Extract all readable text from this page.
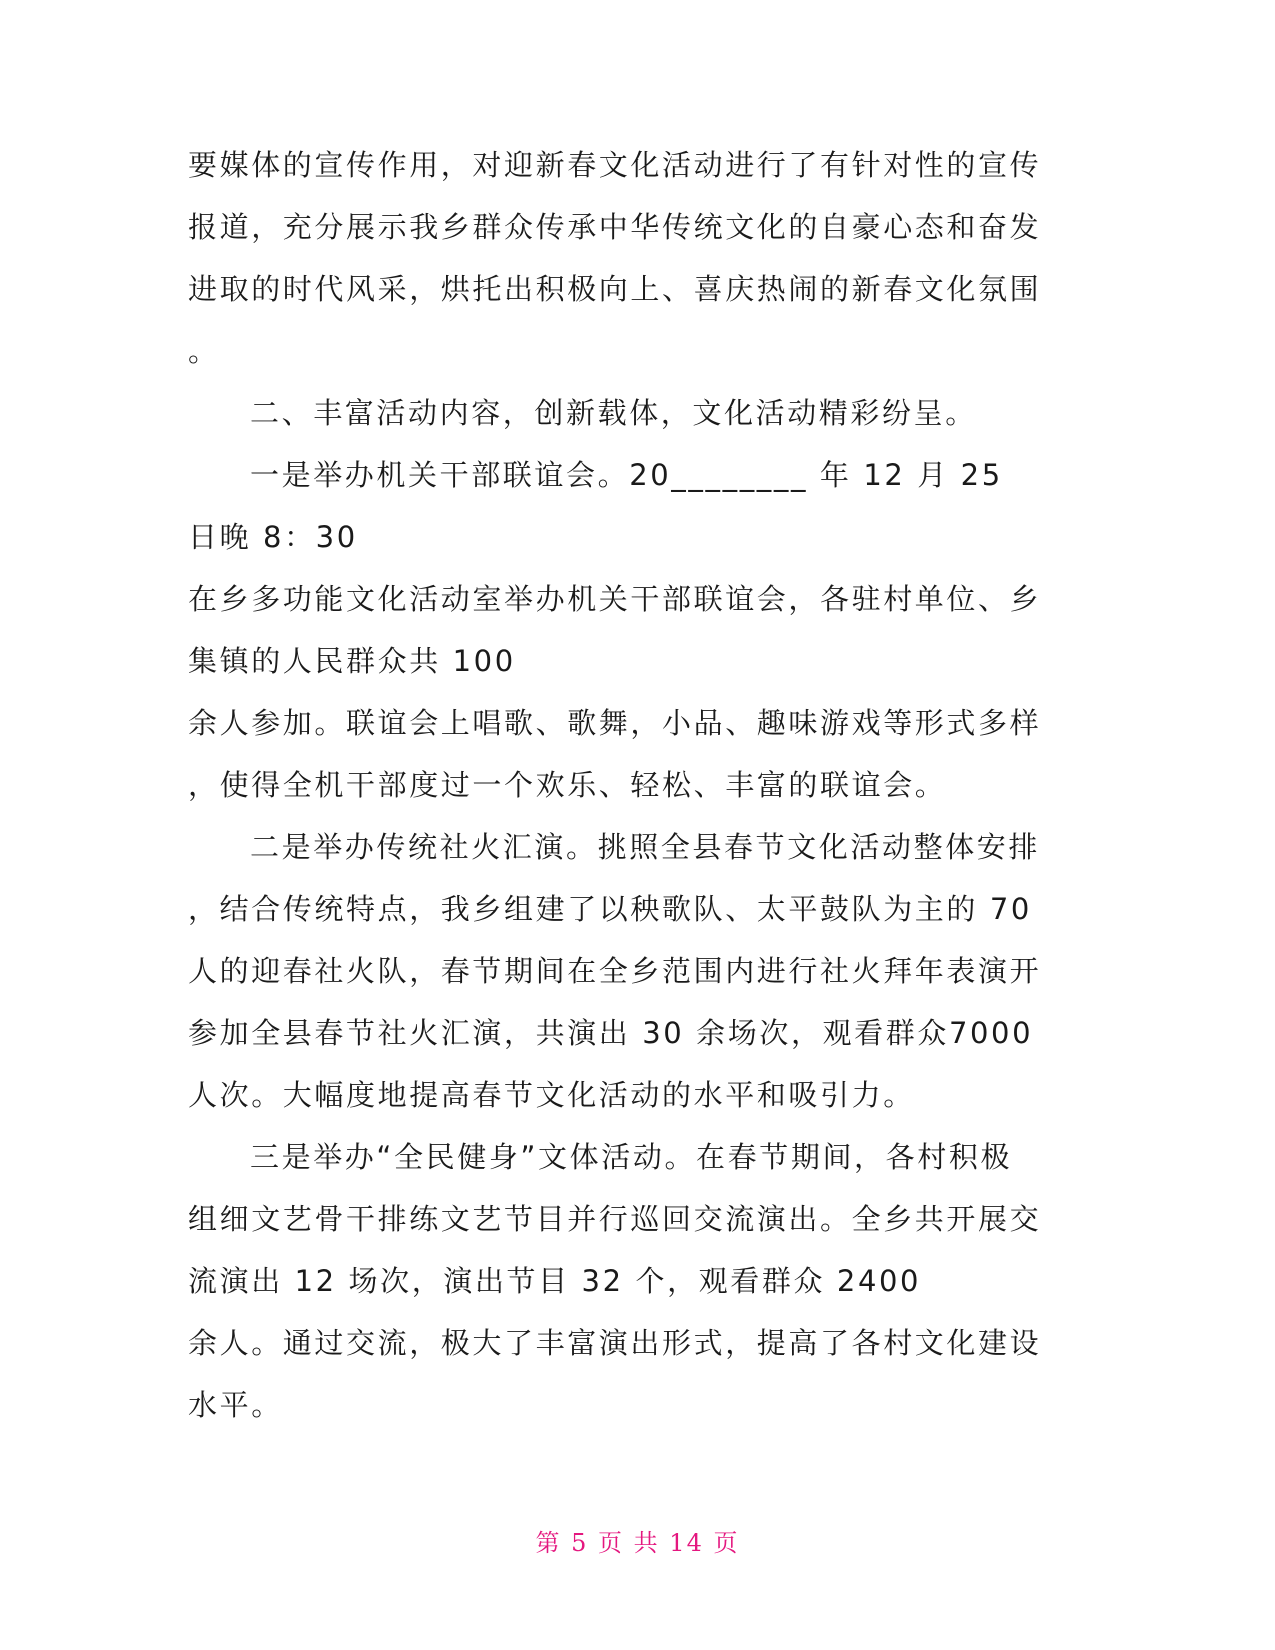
要媒体的宣传作用，对迎新春文化活动进行了有针对性的宣传
报道，充分展示我乡群众传承中华传统文化的自豪心态和奋发
进取的时代风采，烘托出积极向上、喜庆热闹的新春文化氛围
。
二、丰富活动内容，创新载体，文化活动精彩纷呈。
一是举办机关干部联谊会。20________ 年 12 月 25
日晚 8：30
在乡多功能文化活动室举办机关干部联谊会，各驻村单位、乡
集镇的人民群众共 100
余人参加。联谊会上唱歌、歌舞，小品、趣味游戏等形式多样
，使得全机干部度过一个欢乐、轻松、丰富的联谊会。
二是举办传统社火汇演。挑照全县春节文化活动整体安排
，结合传统特点，我乡组建了以秧歌队、太平鼓队为主的 70
人的迎春社火队，春节期间在全乡范围内进行社火拜年表演开
参加全县春节社火汇演，共演出 30 余场次，观看群众7000
人次。大幅度地提高春节文化活动的水平和吸引力。
三是举办“全民健身”文体活动。在春节期间，各村积极
组细文艺骨干排练文艺节目并行巡回交流演出。全乡共开展交
流演出 12 场次，演出节目 32 个，观看群众 2400
余人。通过交流，极大了丰富演出形式，提高了各村文化建设
水平。
第 5 页 共 14 页
